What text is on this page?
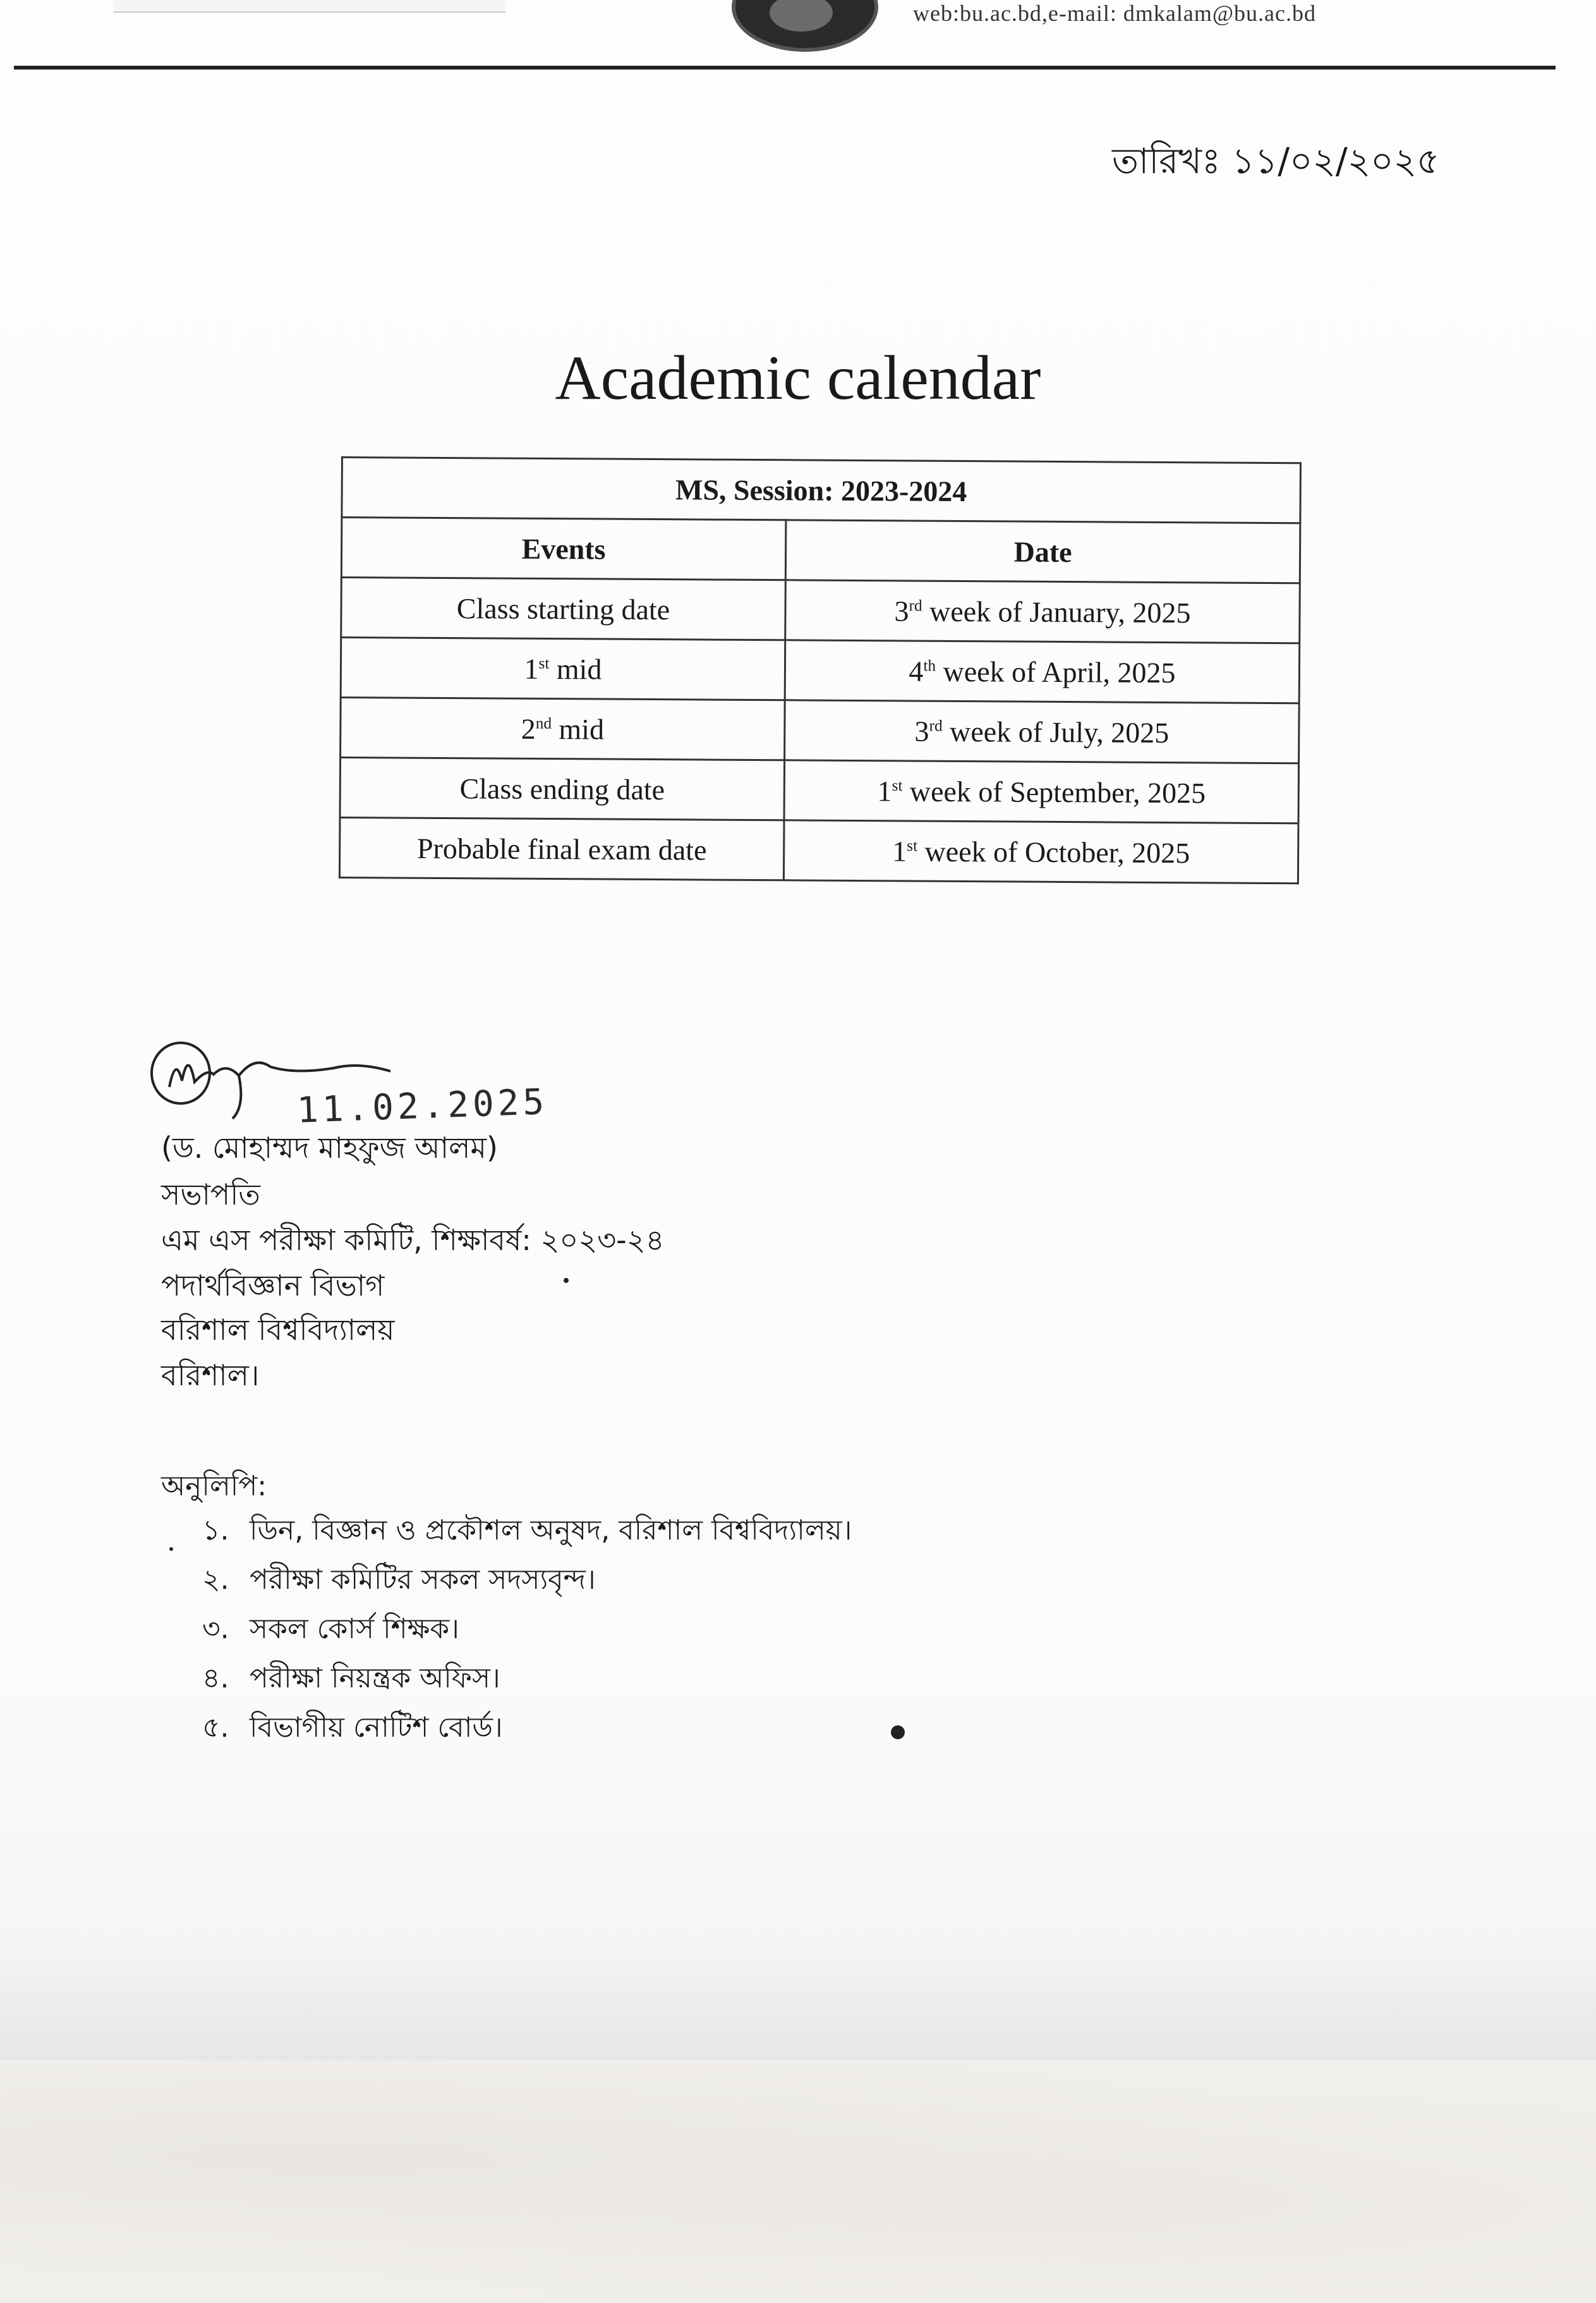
web:bu.ac.bd,e-mail: dmkalam@bu.ac.bd
তারিখঃ ১১/০২/২০২৫
Academic calendar
MS, Session: 2023-2024	
Events	Date
Class starting date	3rd week of January, 2025
1st mid	4th week of April, 2025
2nd mid	3rd week of July, 2025
Class ending date	1st week of September, 2025
Probable final exam date	1st week of October, 2025
11.02.2025
(ড. মোহাম্মদ মাহফুজ আলম)
সভাপতি
এম এস পরীক্ষা কমিটি, শিক্ষাবর্ষ: ২০২৩-২৪
পদার্থবিজ্ঞান বিভাগ
বরিশাল বিশ্ববিদ্যালয়
বরিশাল।
অনুলিপি:
১. ডিন, বিজ্ঞান ও প্রকৌশল অনুষদ, বরিশাল বিশ্ববিদ্যালয়।
২. পরীক্ষা কমিটির সকল সদস্যবৃন্দ।
৩. সকল কোর্স শিক্ষক।
৪. পরীক্ষা নিয়ন্ত্রক অফিস।
৫. বিভাগীয় নোটিশ বোর্ড।
